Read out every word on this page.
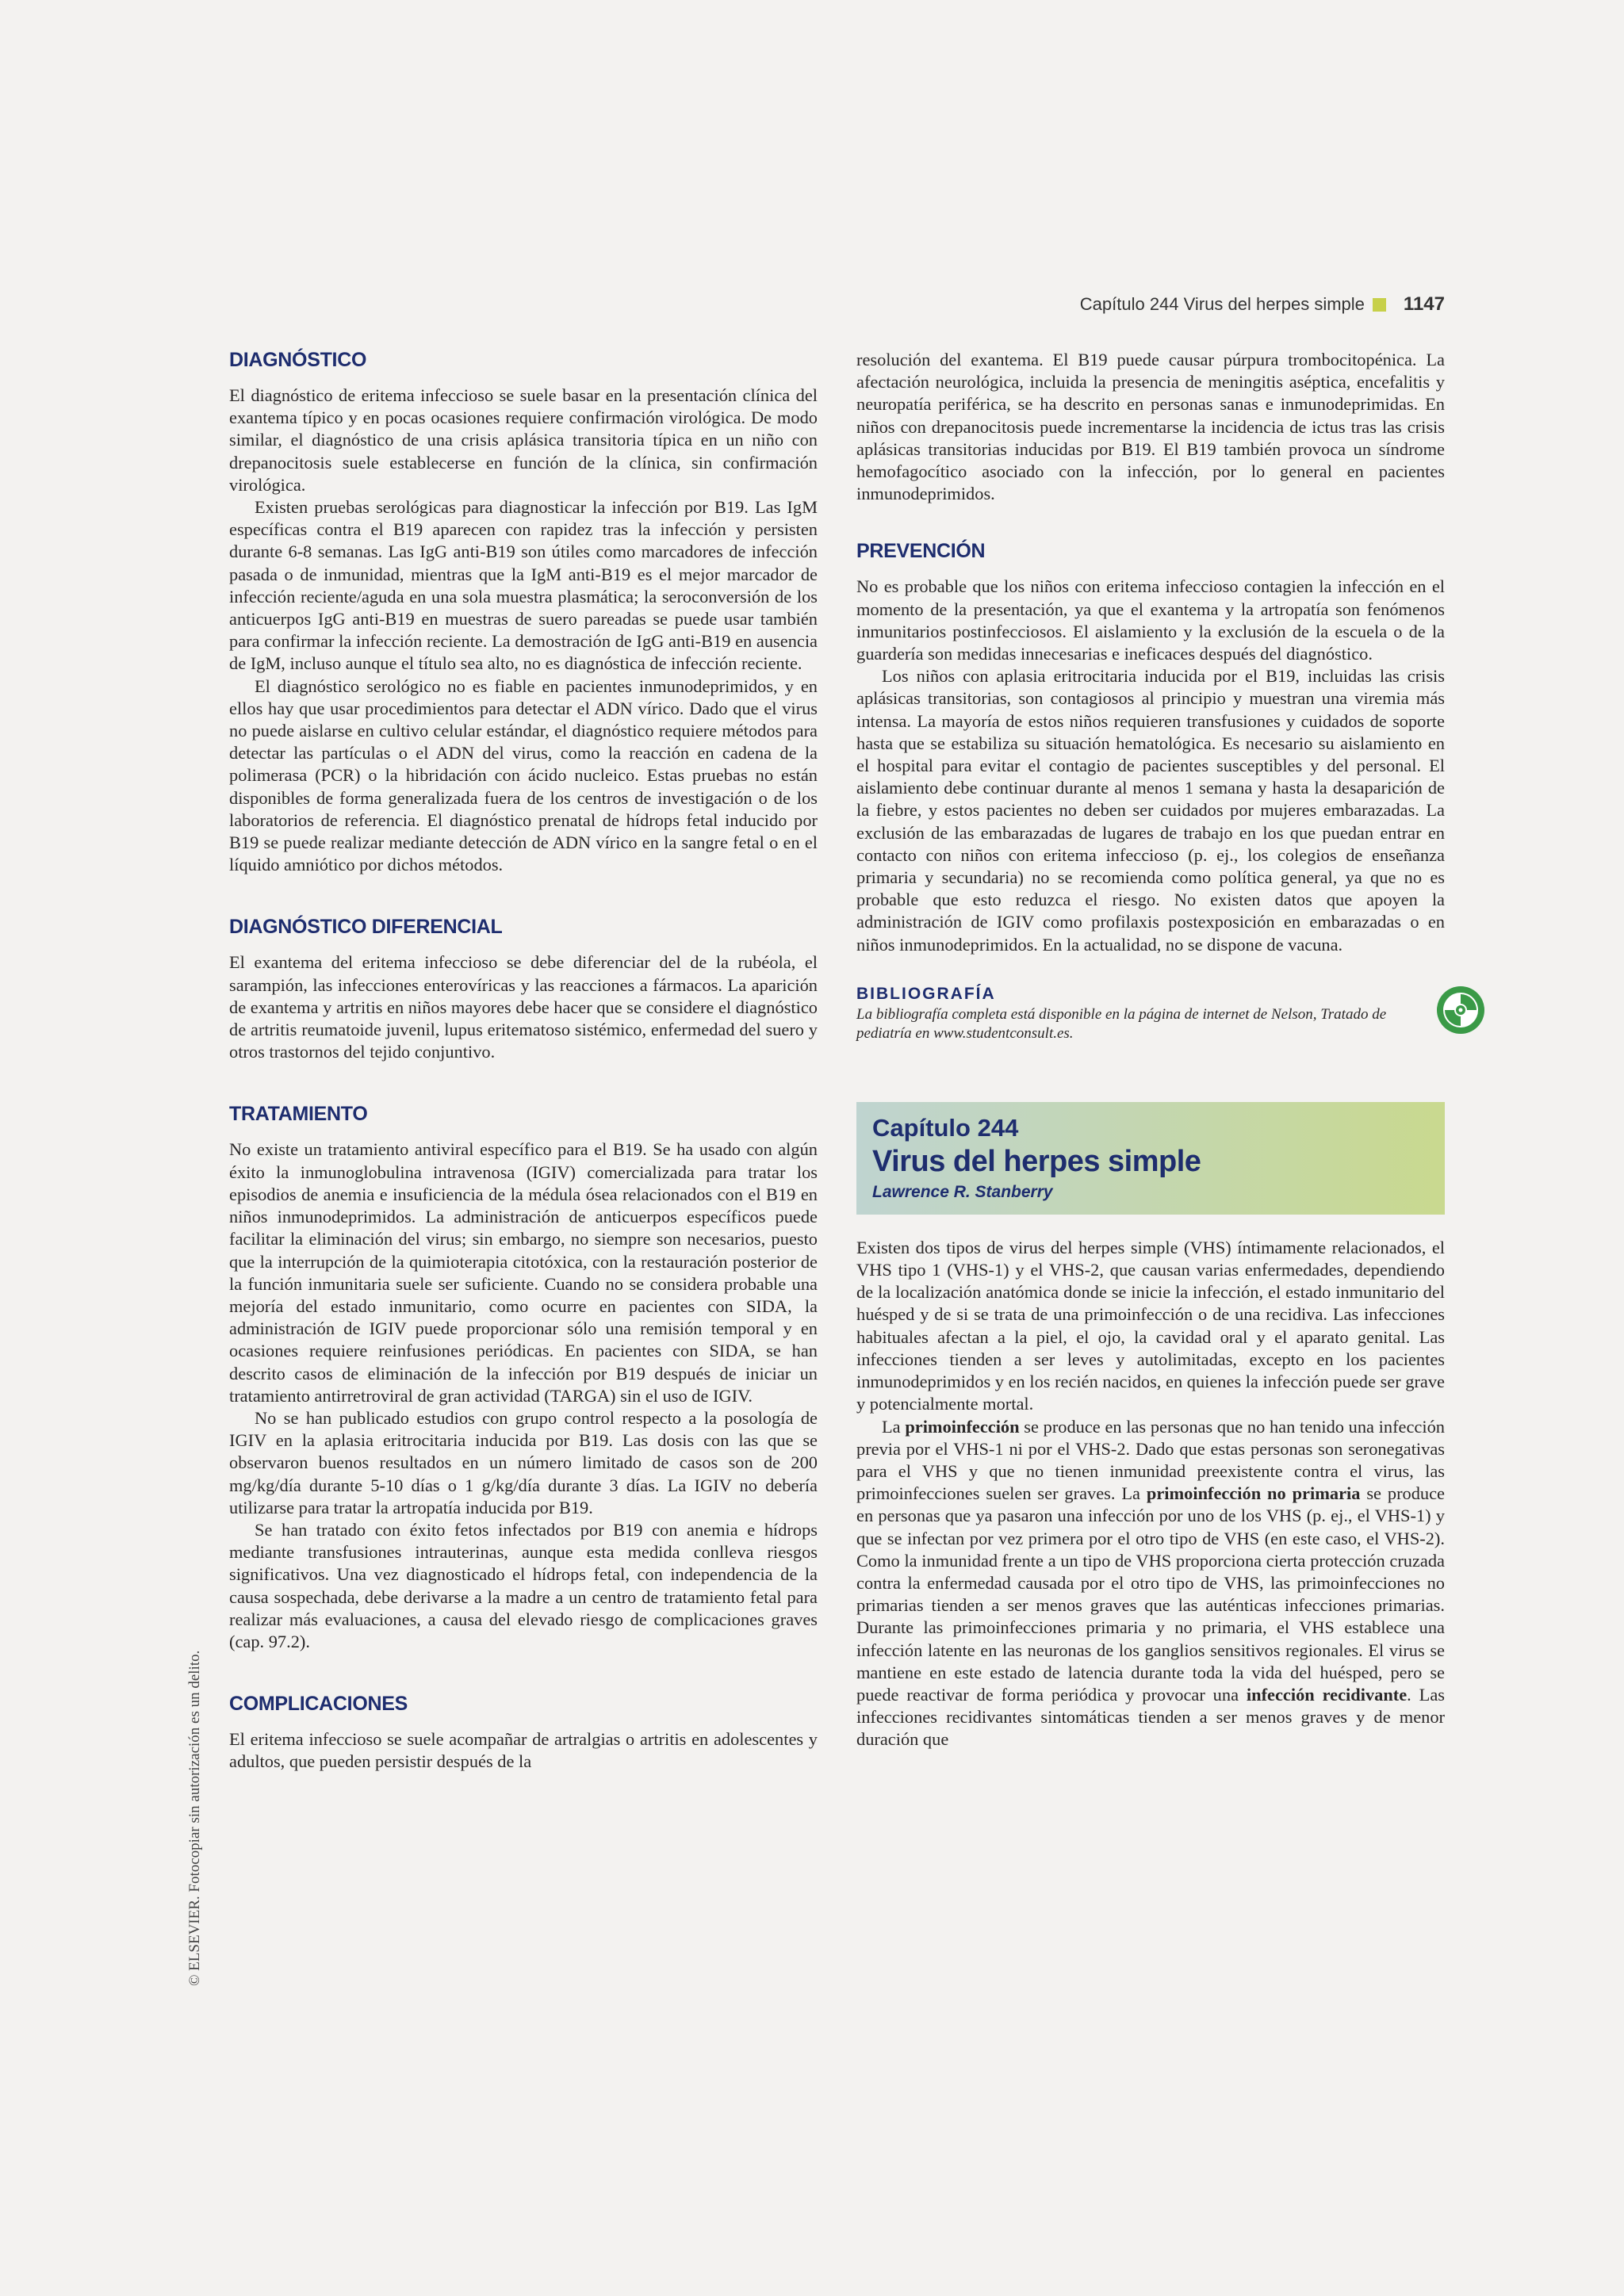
Capítulo 244 Virus del herpes simple 1147
© ELSEVIER. Fotocopiar sin autorización es un delito.
DIAGNÓSTICO

El diagnóstico de eritema infeccioso se suele basar en la presentación clínica del exantema típico y en pocas ocasiones requiere confirmación virológica. De modo similar, el diagnóstico de una crisis aplásica transitoria típica en un niño con drepanocitosis suele establecerse en función de la clínica, sin confirmación virológica.

Existen pruebas serológicas para diagnosticar la infección por B19. Las IgM específicas contra el B19 aparecen con rapidez tras la infección y persisten durante 6-8 semanas. Las IgG anti-B19 son útiles como marcadores de infección pasada o de inmunidad, mientras que la IgM anti-B19 es el mejor marcador de infección reciente/aguda en una sola muestra plasmática; la seroconversión de los anticuerpos IgG anti-B19 en muestras de suero pareadas se puede usar también para confirmar la infección reciente. La demostración de IgG anti-B19 en ausencia de IgM, incluso aunque el título sea alto, no es diagnóstica de infección reciente.

El diagnóstico serológico no es fiable en pacientes inmunodeprimidos, y en ellos hay que usar procedimientos para detectar el ADN vírico. Dado que el virus no puede aislarse en cultivo celular estándar, el diagnóstico requiere métodos para detectar las partículas o el ADN del virus, como la reacción en cadena de la polimerasa (PCR) o la hibridación con ácido nucleico. Estas pruebas no están disponibles de forma generalizada fuera de los centros de investigación o de los laboratorios de referencia. El diagnóstico prenatal de hídrops fetal inducido por B19 se puede realizar mediante detección de ADN vírico en la sangre fetal o en el líquido amniótico por dichos métodos.

DIAGNÓSTICO DIFERENCIAL

El exantema del eritema infeccioso se debe diferenciar del de la rubéola, el sarampión, las infecciones enterovíricas y las reacciones a fármacos. La aparición de exantema y artritis en niños mayores debe hacer que se considere el diagnóstico de artritis reumatoide juvenil, lupus eritematoso sistémico, enfermedad del suero y otros trastornos del tejido conjuntivo.

TRATAMIENTO

No existe un tratamiento antiviral específico para el B19. Se ha usado con algún éxito la inmunoglobulina intravenosa (IGIV) comercializada para tratar los episodios de anemia e insuficiencia de la médula ósea relacionados con el B19 en niños inmunodeprimidos. La administración de anticuerpos específicos puede facilitar la eliminación del virus; sin embargo, no siempre son necesarios, puesto que la interrupción de la quimioterapia citotóxica, con la restauración posterior de la función inmunitaria suele ser suficiente. Cuando no se considera probable una mejoría del estado inmunitario, como ocurre en pacientes con SIDA, la administración de IGIV puede proporcionar sólo una remisión temporal y en ocasiones requiere reinfusiones periódicas. En pacientes con SIDA, se han descrito casos de eliminación de la infección por B19 después de iniciar un tratamiento antirretroviral de gran actividad (TARGA) sin el uso de IGIV.

No se han publicado estudios con grupo control respecto a la posología de IGIV en la aplasia eritrocitaria inducida por B19. Las dosis con las que se observaron buenos resultados en un número limitado de casos son de 200 mg/kg/día durante 5-10 días o 1 g/kg/día durante 3 días. La IGIV no debería utilizarse para tratar la artropatía inducida por B19.

Se han tratado con éxito fetos infectados por B19 con anemia e hídrops mediante transfusiones intrauterinas, aunque esta medida conlleva riesgos significativos. Una vez diagnosticado el hídrops fetal, con independencia de la causa sospechada, debe derivarse a la madre a un centro de tratamiento fetal para realizar más evaluaciones, a causa del elevado riesgo de complicaciones graves (cap. 97.2).

COMPLICACIONES

El eritema infeccioso se suele acompañar de artralgias o artritis en adolescentes y adultos, que pueden persistir después de la

resolución del exantema. El B19 puede causar púrpura trombocitopénica. La afectación neurológica, incluida la presencia de meningitis aséptica, encefalitis y neuropatía periférica, se ha descrito en personas sanas e inmunodeprimidas. En niños con drepanocitosis puede incrementarse la incidencia de ictus tras las crisis aplásicas transitorias inducidas por B19. El B19 también provoca un síndrome hemofagocítico asociado con la infección, por lo general en pacientes inmunodeprimidos.

PREVENCIÓN

No es probable que los niños con eritema infeccioso contagien la infección en el momento de la presentación, ya que el exantema y la artropatía son fenómenos inmunitarios postinfecciosos. El aislamiento y la exclusión de la escuela o de la guardería son medidas innecesarias e ineficaces después del diagnóstico.

Los niños con aplasia eritrocitaria inducida por el B19, incluidas las crisis aplásicas transitorias, son contagiosos al principio y muestran una viremia más intensa. La mayoría de estos niños requieren transfusiones y cuidados de soporte hasta que se estabiliza su situación hematológica. Es necesario su aislamiento en el hospital para evitar el contagio de pacientes susceptibles y del personal. El aislamiento debe continuar durante al menos 1 semana y hasta la desaparición de la fiebre, y estos pacientes no deben ser cuidados por mujeres embarazadas. La exclusión de las embarazadas de lugares de trabajo en los que puedan entrar en contacto con niños con eritema infeccioso (p. ej., los colegios de enseñanza primaria y secundaria) no se recomienda como política general, ya que no es probable que esto reduzca el riesgo. No existen datos que apoyen la administración de IGIV como profilaxis postexposición en embarazadas o en niños inmunodeprimidos. En la actualidad, no se dispone de vacuna.

BIBLIOGRAFÍA

La bibliografía completa está disponible en la página de internet de Nelson, Tratado de pediatría en www.studentconsult.es.

Capítulo 244
Virus del herpes simple
Lawrence R. Stanberry

Existen dos tipos de virus del herpes simple (VHS) íntimamente relacionados, el VHS tipo 1 (VHS-1) y el VHS-2, que causan varias enfermedades, dependiendo de la localización anatómica donde se inicie la infección, el estado inmunitario del huésped y de si se trata de una primoinfección o de una recidiva. Las infecciones habituales afectan a la piel, el ojo, la cavidad oral y el aparato genital. Las infecciones tienden a ser leves y autolimitadas, excepto en los pacientes inmunodeprimidos y en los recién nacidos, en quienes la infección puede ser grave y potencialmente mortal.

La primoinfección se produce en las personas que no han tenido una infección previa por el VHS-1 ni por el VHS-2. Dado que estas personas son seronegativas para el VHS y que no tienen inmunidad preexistente contra el virus, las primoinfecciones suelen ser graves. La primoinfección no primaria se produce en personas que ya pasaron una infección por uno de los VHS (p. ej., el VHS-1) y que se infectan por vez primera por el otro tipo de VHS (en este caso, el VHS-2). Como la inmunidad frente a un tipo de VHS proporciona cierta protección cruzada contra la enfermedad causada por el otro tipo de VHS, las primoinfecciones no primarias tienden a ser menos graves que las auténticas infecciones primarias. Durante las primoinfecciones primaria y no primaria, el VHS establece una infección latente en las neuronas de los ganglios sensitivos regionales. El virus se mantiene en este estado de latencia durante toda la vida del huésped, pero se puede reactivar de forma periódica y provocar una infección recidivante. Las infecciones recidivantes sintomáticas tienden a ser menos graves y de menor duración que
